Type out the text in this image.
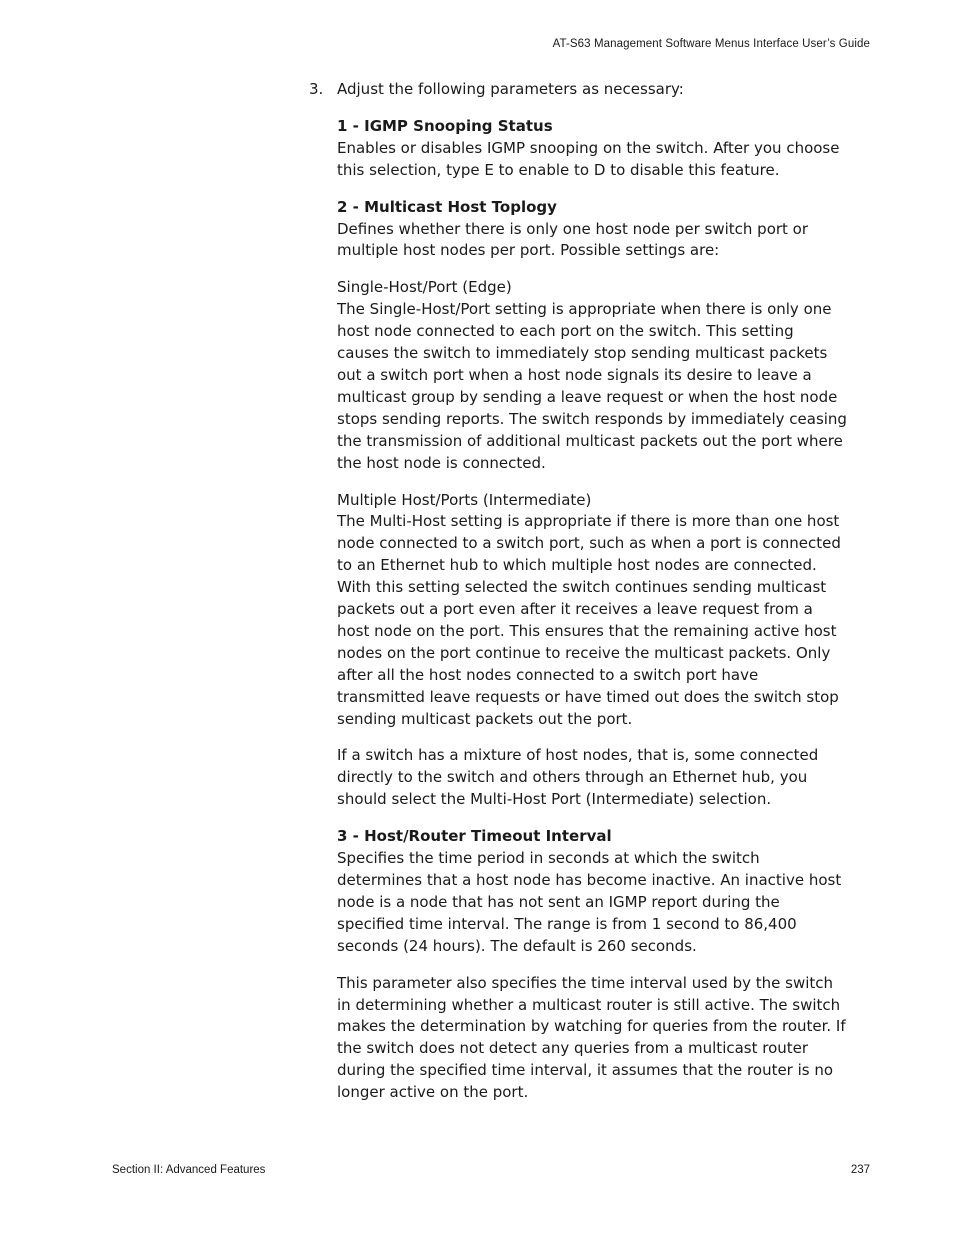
AT-S63 Management Software Menus Interface User’s Guide
3. Adjust the following parameters as necessary:

1 - IGMP Snooping Status

Enables or disables IGMP snooping on the switch. After you choose this selection, type E to enable to D to disable this feature.

2 - Multicast Host Toplogy

Defines whether there is only one host node per switch port or multiple host nodes per port. Possible settings are:

Single-Host/Port (Edge)

The Single-Host/Port setting is appropriate when there is only one host node connected to each port on the switch. This setting causes the switch to immediately stop sending multicast packets out a switch port when a host node signals its desire to leave a multicast group by sending a leave request or when the host node stops sending reports. The switch responds by immediately ceasing the transmission of additional multicast packets out the port where the host node is connected.

Multiple Host/Ports (Intermediate)

The Multi-Host setting is appropriate if there is more than one host node connected to a switch port, such as when a port is connected to an Ethernet hub to which multiple host nodes are connected. With this setting selected the switch continues sending multicast packets out a port even after it receives a leave request from a host node on the port. This ensures that the remaining active host nodes on the port continue to receive the multicast packets. Only after all the host nodes connected to a switch port have transmitted leave requests or have timed out does the switch stop sending multicast packets out the port.

If a switch has a mixture of host nodes, that is, some connected directly to the switch and others through an Ethernet hub, you should select the Multi-Host Port (Intermediate) selection.

3 - Host/Router Timeout Interval

Specifies the time period in seconds at which the switch determines that a host node has become inactive. An inactive host node is a node that has not sent an IGMP report during the specified time interval. The range is from 1 second to 86,400 seconds (24 hours). The default is 260 seconds.

This parameter also specifies the time interval used by the switch in determining whether a multicast router is still active. The switch makes the determination by watching for queries from the router. If the switch does not detect any queries from a multicast router during the specified time interval, it assumes that the router is no longer active on the port.

Section II: Advanced Features	237
